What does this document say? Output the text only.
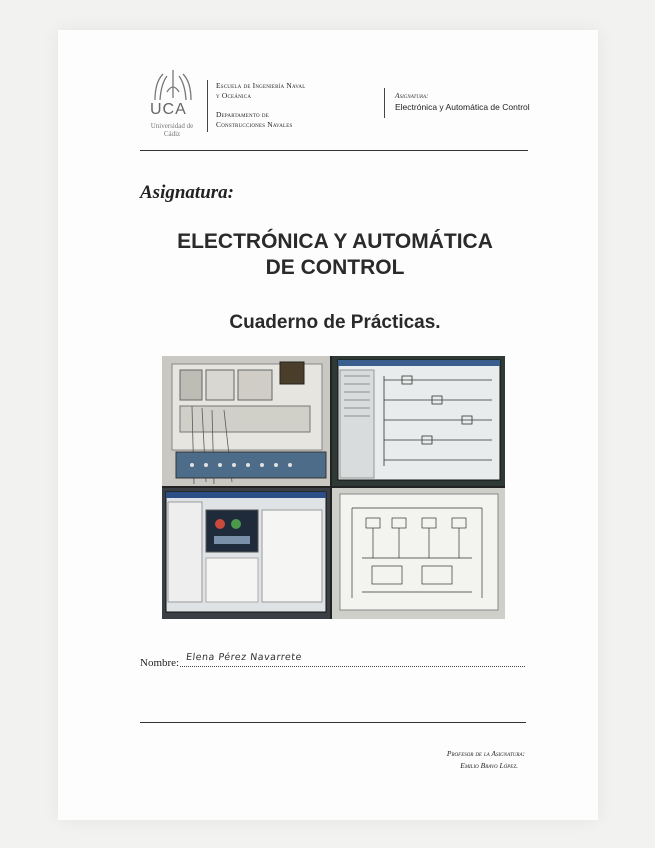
UCA
Universidad de Cádiz
Escuela de Ingeniería Naval
y Oceánica
Departamento de
Construcciones Navales
Asignatura:
Electrónica y Automática de Control
Asignatura:
ELECTRÓNICA Y AUTOMÁTICA
DE CONTROL
Cuaderno de Prácticas.
Nombre: Elena Pérez Navarrete
Profesor de la Asignatura:
Emilio Bravo López.
